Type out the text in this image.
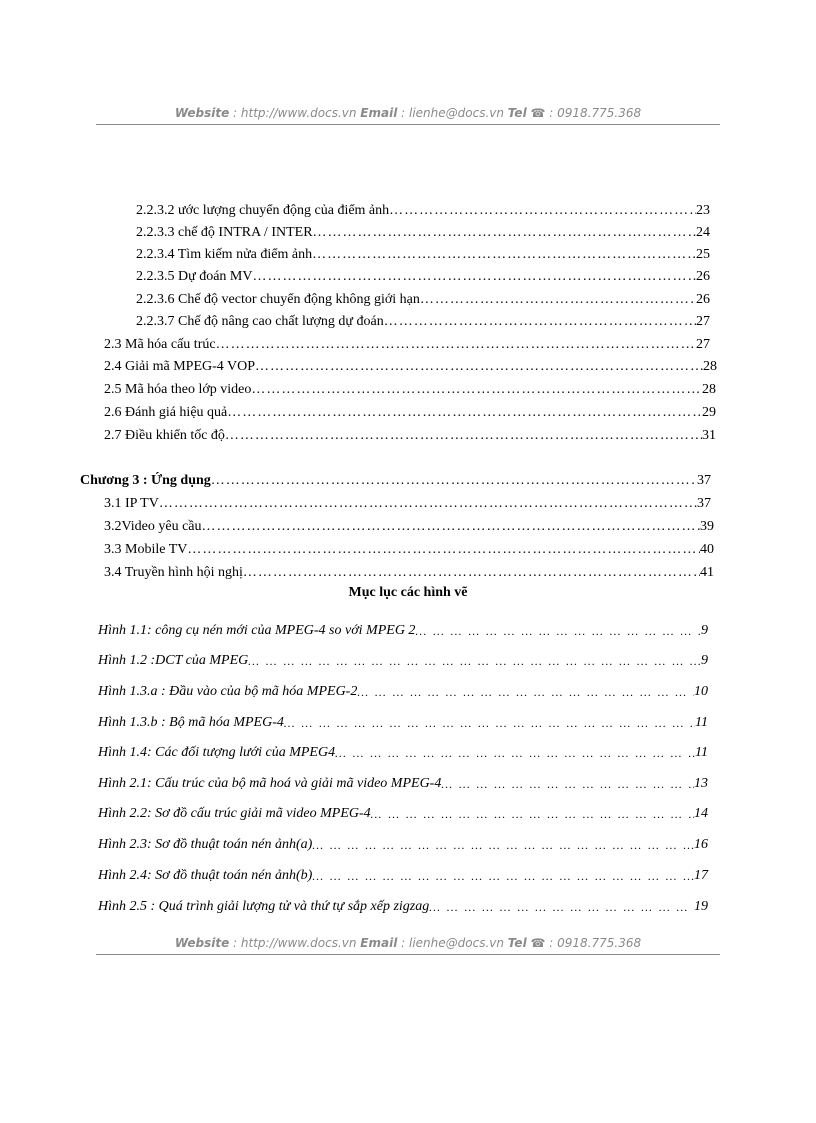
Website : http://www.docs.vn Email : lienhe@docs.vn Tel ☎ : 0918.775.368
2.2.3.2 ước lượng chuyển động của điểm ảnh …………………………………………………………………………………………………………………………………………………………………	23
2.2.3.3 chế độ INTRA / INTER …………………………………………………………………………………………………………………………………………………………………	24
2.2.3.4 Tìm kiếm nửa điểm ảnh …………………………………………………………………………………………………………………………………………………………………	25
2.2.3.5 Dự đoán MV …………………………………………………………………………………………………………………………………………………………………	26
2.2.3.6 Chế độ vector chuyển động không giới hạn …………………………………………………………………………………………………………………………………………………………………	26
2.2.3.7 Chế độ nâng cao chất lượng dự đoán …………………………………………………………………………………………………………………………………………………………………	27
2.3 Mã hóa cấu trúc …………………………………………………………………………………………………………………………………………………………………	27
2.4 Giải mã MPEG-4 VOP …………………………………………………………………………………………………………………………………………………………………	28
2.5 Mã hóa theo lớp video …………………………………………………………………………………………………………………………………………………………………	28
2.6 Đánh giá hiệu quả …………………………………………………………………………………………………………………………………………………………………	29
2.7 Điều khiển tốc độ …………………………………………………………………………………………………………………………………………………………………	31
Chương 3 : Ứng dụng …………………………………………………………………………………………………………………………………………………………………	37
3.1 IP TV …………………………………………………………………………………………………………………………………………………………………	37
3.2Video yêu cầu …………………………………………………………………………………………………………………………………………………………………	39
3.3 Mobile TV …………………………………………………………………………………………………………………………………………………………………	40
3.4 Truyền hình hội nghị …………………………………………………………………………………………………………………………………………………………………	41
Mục lục các hình vẽ
Hình 1.1: công cụ nén mới của MPEG-4 so với MPEG 2 … … … … … … … … … … … … … … … … … … … … … … … … … … … … … … … … … … … … … … … … … … … … …	9
Hình 1.2 :DCT của MPEG … … … … … … … … … … … … … … … … … … … … … … … … … … … … … … … … … … … … … … … … … … … … …	9
Hình 1.3.a : Đầu vào của bộ mã hóa MPEG-2 … … … … … … … … … … … … … … … … … … … … … … … … … … … … … … … … … … … … … … … … … … … … …	10
Hình 1.3.b : Bộ mã hóa MPEG-4 … … … … … … … … … … … … … … … … … … … … … … … … … … … … … … … … … … … … … … … … … … … … …	11
Hình 1.4: Các đối tượng lưới của MPEG4 … … … … … … … … … … … … … … … … … … … … … … … … … … … … … … … … … … … … … … … … … … … … …	11
Hình 2.1: Cấu trúc của bộ mã hoá và giải mã video MPEG-4 … … … … … … … … … … … … … … … … … … … … … … … … … … … … … … … … … … … … … … … … … … … … …	13
Hình 2.2: Sơ đồ cấu trúc giải mã video MPEG-4 … … … … … … … … … … … … … … … … … … … … … … … … … … … … … … … … … … … … … … … … … … … … …	14
Hình 2.3: Sơ đồ thuật toán nén ảnh(a) … … … … … … … … … … … … … … … … … … … … … … … … … … … … … … … … … … … … … … … … … … … … …	16
Hình 2.4: Sơ đồ thuật toán nén ảnh(b) … … … … … … … … … … … … … … … … … … … … … … … … … … … … … … … … … … … … … … … … … … … … …	17
Hình 2.5 : Quá trình giải lượng tử và thứ tự sắp xếp zigzag … … … … … … … … … … … … … … … … … … … … … … … … … … … … … … … … … … … … … … … … … … … … …	19
Website : http://www.docs.vn Email : lienhe@docs.vn Tel ☎ : 0918.775.368
